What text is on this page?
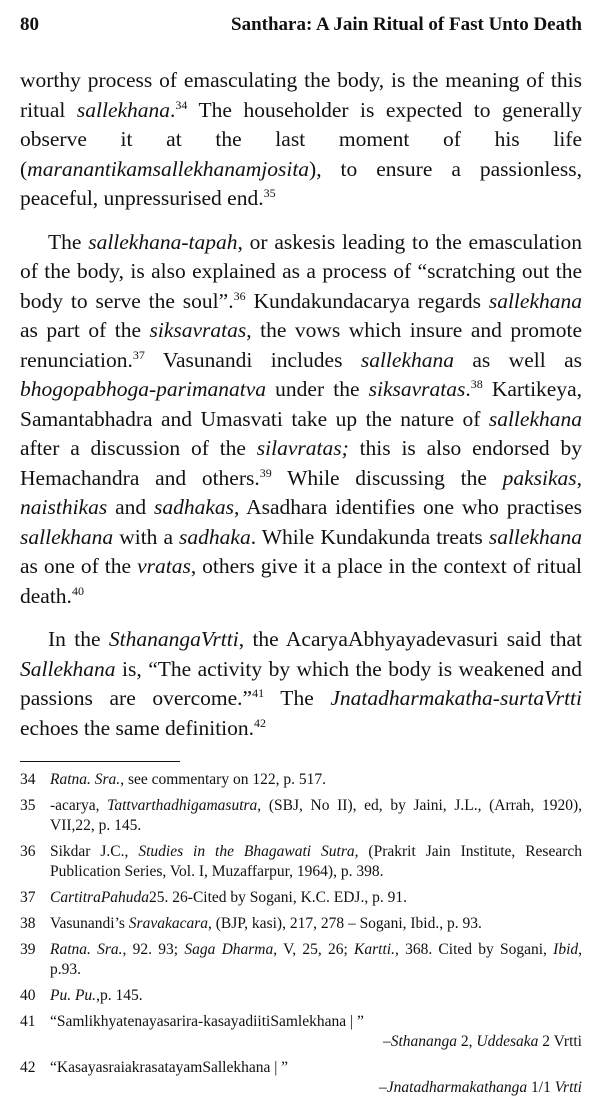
80	Santhara: A Jain Ritual of Fast Unto Death

worthy process of emasculating the body, is the meaning of this ritual sallekhana.$^{34}$ The householder is expected to generally observe it at the last moment of his life (maranantikamsallekhanamjosita), to ensure a passionless, peaceful, unpressurised end.$^{35}$

The sallekhana-tapah, or askesis leading to the emasculation of the body, is also explained as a process of “scratching out the body to serve the soul”.$^{36}$ Kundakundacarya regards sallekhana as part of the siksavratas, the vows which insure and promote renunciation.$^{37}$ Vasunandi includes sallekhana as well as bhogopabhoga-parimanatva under the siksavratas.$^{38}$ Kartikeya, Samantabhadra and Umasvati take up the nature of sallekhana after a discussion of the silavratas; this is also endorsed by Hemachandra and others.$^{39}$ While discussing the paksikas, naisthikas and sadhakas, Asadhara identifies one who practises sallekhana with a sadhaka. While Kundakunda treats sallekhana as one of the vratas, others give it a place in the context of ritual death.$^{40}$

In the SthanangaVrtti, the AcaryaAbhyayadevasuri said that Sallekhana is, “The activity by which the body is weakened and passions are overcome.”$^{41}$ The Jnatadharmakatha-surtaVrtti echoes the same definition.$^{42}$

34 Ratna. Sra., see commentary on 122, p. 517.
35 -acarya, Tattvarthadhigamasutra, (SBJ, No II), ed, by Jaini, J.L., (Arrah, 1920), VII,22, p. 145.
36 Sikdar J.C., Studies in the Bhagawati Sutra, (Prakrit Jain Institute, Research Publication Series, Vol. I, Muzaffarpur, 1964), p. 398.
37 CartitraPahuda25. 26-Cited by Sogani, K.C. EDJ., p. 91.
38 Vasunandi’s Sravakacara, (BJP, kasi), 217, 278 – Sogani, Ibid., p. 93.
39 Ratna. Sra., 92. 93; Saga Dharma, V, 25, 26; Kartti., 368. Cited by Sogani, Ibid, p.93.
40 Pu. Pu.,p. 145.
41 “Samlikhyatenayasarira-kasayadiitiSamlekhana | ”
–Sthananga 2, Uddesaka 2 Vrtti
42 “KasayasraiakrasatayamSallekhana | ”
–Jnatadharmakathanga 1/1 Vrtti
